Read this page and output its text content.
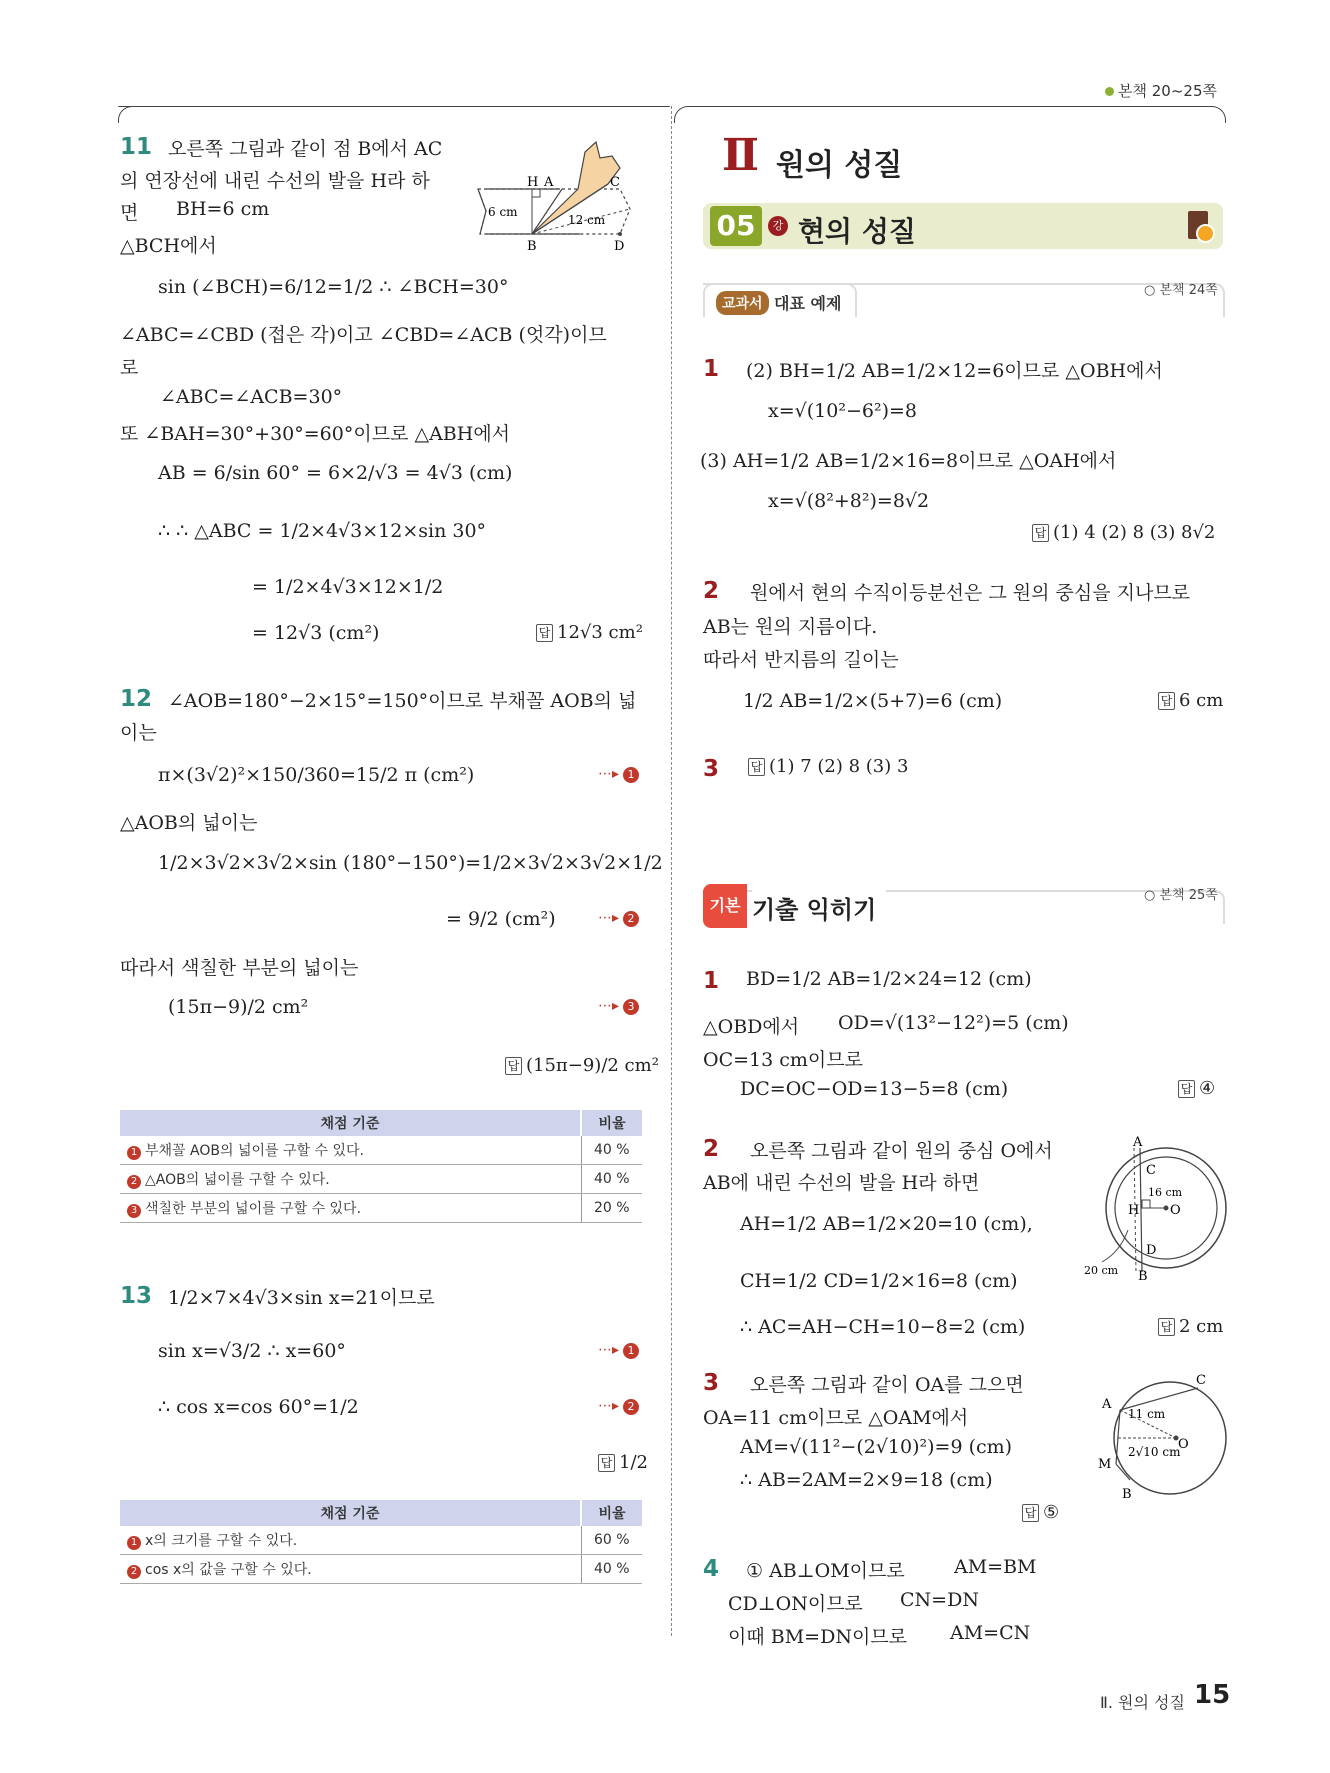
본책 20~25쪽
11 오른쪽 그림과 같이 점 B에서 AC
의 연장선에 내린 수선의 발을 H라 하
면 BH=6 cm
△BCH에서
H A	C
B	D
6 cm
12 cm
sin (∠BCH)=6/12=1/2 ∴ ∠BCH=30°
∠ABC=∠CBD (접은 각)이고 ∠CBD=∠ACB (엇각)이므
로
∠ABC=∠ACB=30°
또 ∠BAH=30°+30°=60°이므로 △ABH에서
AB = 6/sin 60° = 6×2/√3 = 4√3 (cm)
∴ ∴ △ABC = 1/2×4√3×12×sin 30°
= 1/2×4√3×12×1/2
= 12√3 (cm²)	답 12√3 cm²
12 ∠AOB=180°−2×15°=150°이므로 부채꼴 AOB의 넓
이는
π×(3√2)²×150/360=15/2 π (cm²)	⋯▸ 1
△AOB의 넓이는
1/2×3√2×3√2×sin (180°−150°)=1/2×3√2×3√2×1/2
= 9/2 (cm²)	⋯▸ 2
따라서 색칠한 부분의 넓이는
(15π−9)/2 cm²	⋯▸ 3
답 (15π−9)/2 cm²
채점 기준	비율
1 부채꼴 AOB의 넓이를 구할 수 있다.	40 %
2 △AOB의 넓이를 구할 수 있다.	40 %
3 색칠한 부분의 넓이를 구할 수 있다.	20 %
13 1/2×7×4√3×sin x=21이므로
sin x=√3/2 ∴ x=60°	⋯▸ 1
∴ cos x=cos 60°=1/2	⋯▸ 2
답 1/2
채점 기준	비율
1 x의 크기를 구할 수 있다.	60 %
2 cos x의 값을 구할 수 있다.	40 %
Ⅱ 원의 성질
05	강 현의 성질
교과서 대표 예제
○ 본책 24쪽
1 (2) BH=1/2 AB=1/2×12=6이므로 △OBH에서
x=√(10²−6²)=8
(3) AH=1/2 AB=1/2×16=8이므로 △OAH에서
x=√(8²+8²)=8√2
답 (1) 4 (2) 8 (3) 8√2
2 원에서 현의 수직이등분선은 그 원의 중심을 지나므로
AB는 원의 지름이다.
따라서 반지름의 길이는
1/2 AB=1/2×(5+7)=6 (cm)	답 6 cm
3	답 (1) 7 (2) 8 (3) 3
기본 기출 익히기
○ 본책 25쪽
1 BD=1/2 AB=1/2×24=12 (cm)
△OBD에서 OD=√(13²−12²)=5 (cm)
OC=13 cm이므로
DC=OC−OD=13−5=8 (cm)	답 ④
2 오른쪽 그림과 같이 원의 중심 O에서
AB에 내린 수선의 발을 H라 하면
AH=1/2 AB=1/2×20=10 (cm),
CH=1/2 CD=1/2×16=8 (cm)
∴ AC=AH−CH=10−8=2 (cm)	답 2 cm
A
C
H O
D
B
16 cm
20 cm
3 오른쪽 그림과 같이 OA를 그으면
OA=11 cm이므로 △OAM에서
AM=√(11²−(2√10)²)=9 (cm)
∴ AB=2AM=2×9=18 (cm)
답 ⑤
A
C
O
M
B
11 cm
2√10 cm
4 ① AB⊥OM이므로	AM=BM
CD⊥ON이므로 CN=DN
이때 BM=DN이므로 AM=CN
Ⅱ. 원의 성질 15
